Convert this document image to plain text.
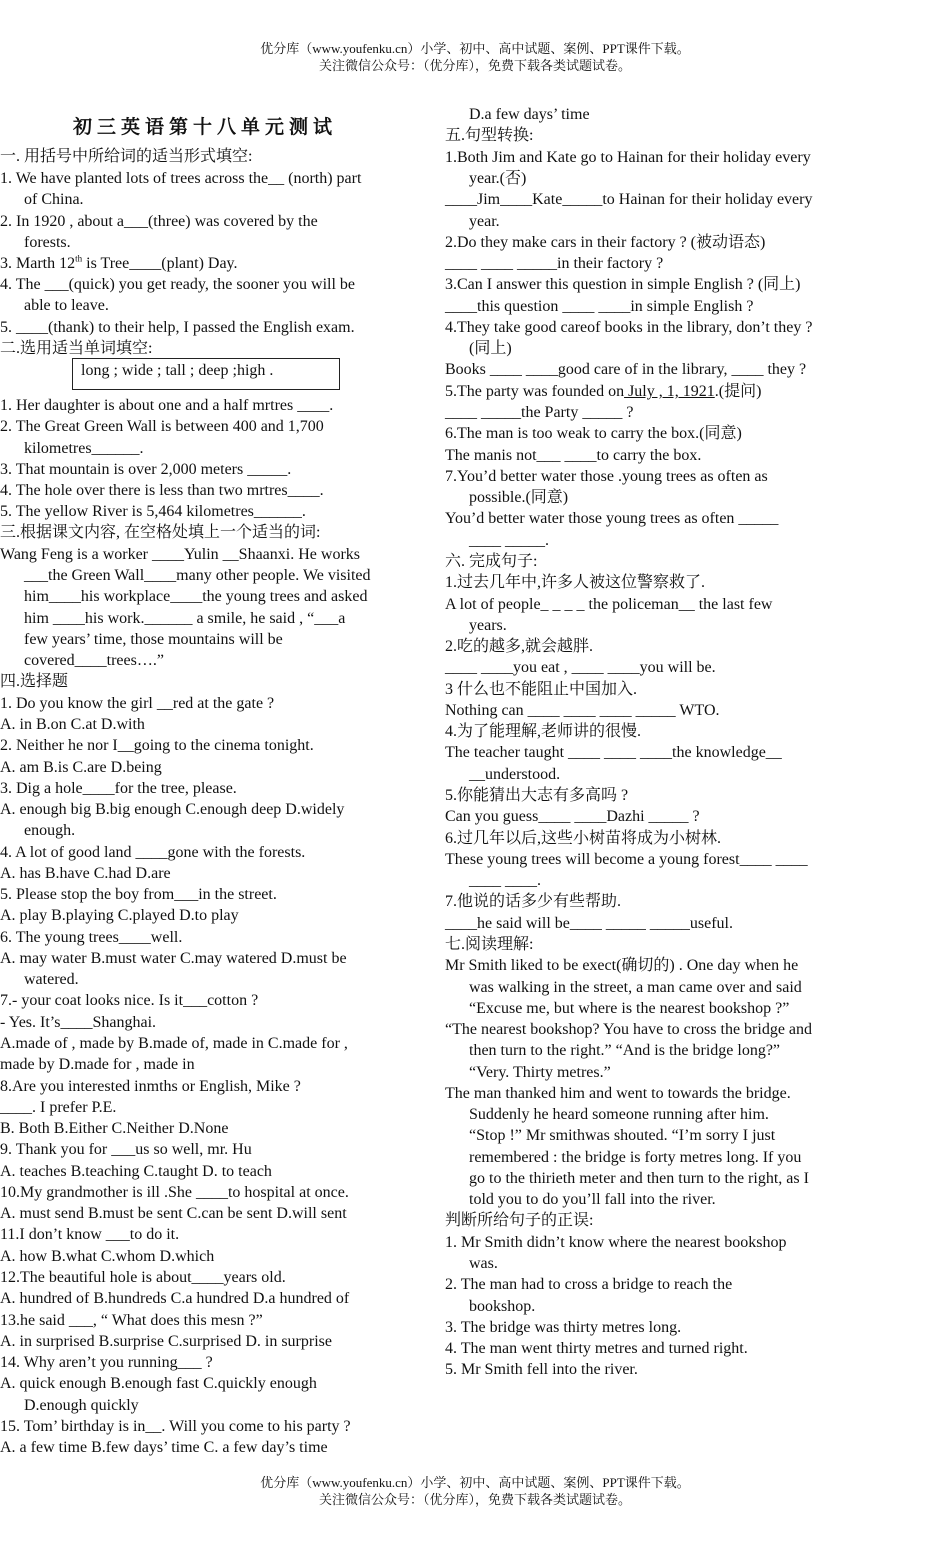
优分库（www.youfenku.cn）小学、初中、高中试题、案例、PPT课件下载。
关注微信公众号：（优分库），免费下载各类试题试卷。
初三英语第十八单元测试
一. 用括号中所给词的适当形式填空:
1. We have planted lots of trees across the__ (north) part
of China.
2. In 1920 , about a___(three) was covered by the
forests.
3. Marth 12th is Tree____(plant) Day.
4. The ___(quick) you get ready, the sooner you will be
able to leave.
5. ____(thank) to their help, I passed the English exam.
二.选用适当单词填空:
1. Her daughter is about one and a half mrtres ____.
2. The Great Green Wall is between 400 and 1,700
kilometres______.
3. That mountain is over 2,000 meters _____.
4. The hole over there is less than two mrtres____.
5. The yellow River is 5,464 kilometres______.
三.根据课文内容, 在空格处填上一个适当的词:
Wang Feng is a worker ____Yulin __Shaanxi. He works
___the Green Wall____many other people. We visited
him____his workplace____the young trees and asked
him ____his work.______ a smile, he said , “___a
few years’ time, those mountains will be
covered____trees….”
四.选择题
1. Do you know the girl __red at the gate ?
A. in B.on C.at D.with
2. Neither he nor I__going to the cinema tonight.
A. am B.is C.are D.being
3. Dig a hole____for the tree, please.
A. enough big B.big enough C.enough deep D.widely
enough.
4. A lot of good land ____gone with the forests.
A. has B.have C.had D.are
5. Please stop the boy from___in the street.
A. play B.playing C.played D.to play
6. The young trees____well.
A. may water B.must water C.may watered D.must be
watered.
7.- your coat looks nice. Is it___cotton ?
- Yes. It’s____Shanghai.
A.made of , made by B.made of, made in C.made for ,
made by D.made for , made in
8.Are you interested inmths or English, Mike ?
____. I prefer P.E.
B. Both B.Either C.Neither D.None
9. Thank you for ___us so well, mr. Hu
A. teaches B.teaching C.taught D. to teach
10.My grandmother is ill .She ____to hospital at once.
A. must send B.must be sent C.can be sent D.will sent
11.I don’t know ___to do it.
A. how B.what C.whom D.which
12.The beautiful hole is about____years old.
A. hundred of B.hundreds C.a hundred D.a hundred of
13.he said ___, “ What does this mesn ?”
A. in surprised B.surprise C.surprised D. in surprise
14. Why aren’t you running___ ?
A. quick enough B.enough fast C.quickly enough
D.enough quickly
15. Tom’ birthday is in__. Will you come to his party ?
A. a few time B.few days’ time C. a few day’s time
long ; wide ; tall ; deep ;high .
D.a few days’ time
五.句型转换:
1.Both Jim and Kate go to Hainan for their holiday every
year.(否)
____Jim____Kate_____to Hainan for their holiday every
year.
2.Do they make cars in their factory ? (被动语态)
____ ____ _____in their factory ?
3.Can I answer this question in simple English ? (同上)
____this question ____ ____in simple English ?
4.They take good careof books in the library, don’t they ?
(同上)
Books ____ ____good care of in the library, ____ they ?
5.The party was founded on July , 1, 1921.(提问)
____ _____the Party _____ ?
6.The man is too weak to carry the box.(同意)
The manis not___ ____to carry the box.
7.You’d better water those .young trees as often as
possible.(同意)
You’d better water those young trees as often _____
____ _____.
六. 完成句子:
1.过去几年中,许多人被这位警察救了.
A lot of people_ _ _ _ the policeman__ the last few
years.
2.吃的越多,就会越胖.
____ ____you eat , ____ ____you will be.
3 什么也不能阻止中国加入.
Nothing can ____ ____ ____ _____ WTO.
4.为了能理解,老师讲的很慢.
The teacher taught ____ ____ ____the knowledge__
__understood.
5.你能猜出大志有多高吗 ?
Can you guess____ ____Dazhi _____ ?
6.过几年以后,这些小树苗将成为小树林.
These young trees will become a young forest____ ____
____ ____.
7.他说的话多少有些帮助.
____he said will be____ _____ _____useful.
七.阅读理解:
Mr Smith liked to be exect(确切的) . One day when he
was walking in the street, a man came over and said
“Excuse me, but where is the nearest bookshop ?”
“The nearest bookshop? You have to cross the bridge and
then turn to the right.” “And is the bridge long?”
“Very. Thirty metres.”
The man thanked him and went to towards the bridge.
Suddenly he heard someone running after him.
“Stop !” Mr smithwas shouted. “I’m sorry I just
remembered : the bridge is forty metres long. If you
go to the thirieth meter and then turn to the right, as I
told you to do you’ll fall into the river.
判断所给句子的正误:
1. Mr Smith didn’t know where the nearest bookshop
was.
2. The man had to cross a bridge to reach the
bookshop.
3. The bridge was thirty metres long.
4. The man went thirty metres and turned right.
5. Mr Smith fell into the river.
优分库（www.youfenku.cn）小学、初中、高中试题、案例、PPT课件下载。
关注微信公众号：（优分库），免费下载各类试题试卷。
